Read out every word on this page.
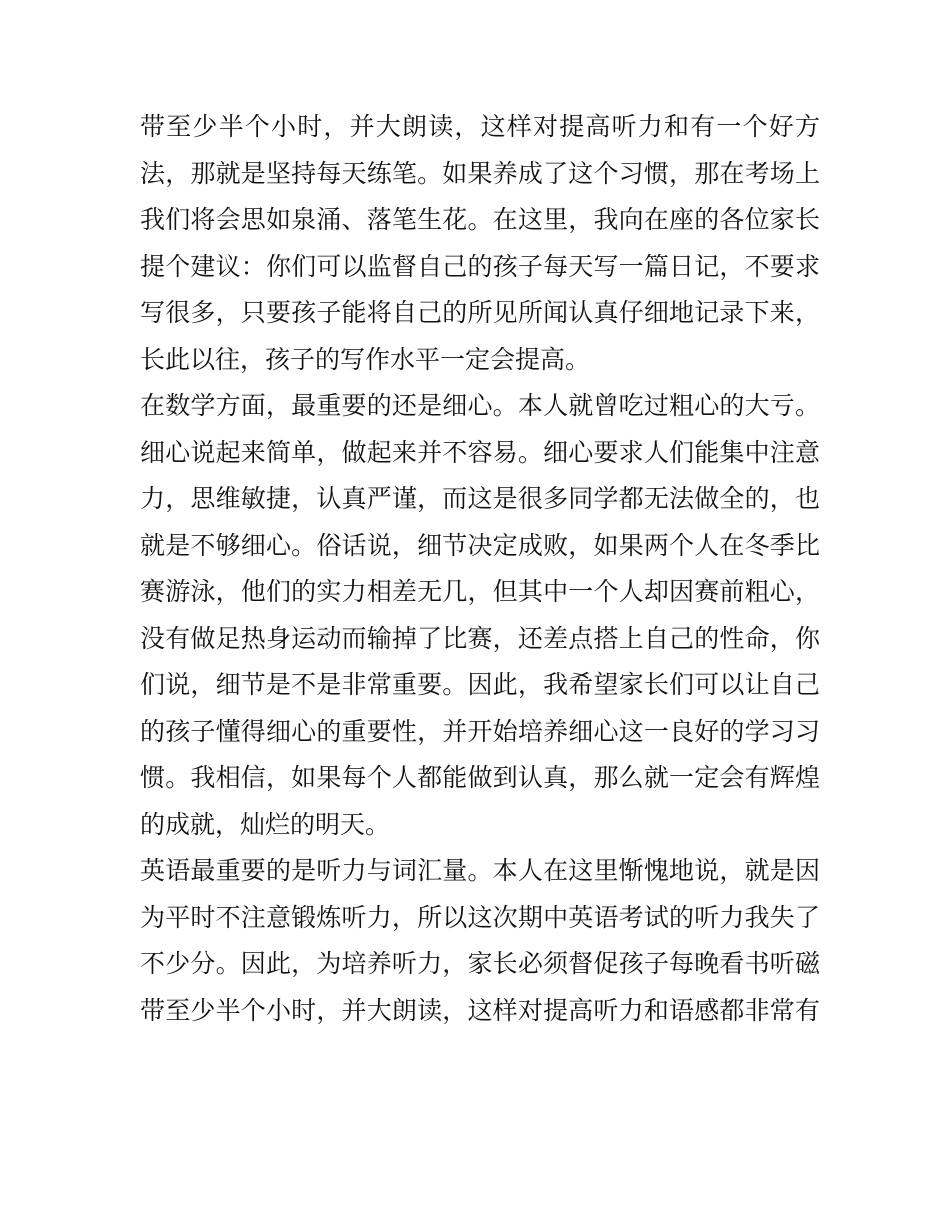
带至少半个小时，并大朗读，这样对提高听力和有一个好方
法，那就是坚持每天练笔。如果养成了这个习惯，那在考场上
我们将会思如泉涌、落笔生花。在这里，我向在座的各位家长
提个建议：你们可以监督自己的孩子每天写一篇日记，不要求
写很多，只要孩子能将自己的所见所闻认真仔细地记录下来，
长此以往，孩子的写作水平一定会提高。
在数学方面，最重要的还是细心。本人就曾吃过粗心的大亏。
细心说起来简单，做起来并不容易。细心要求人们能集中注意
力，思维敏捷，认真严谨，而这是很多同学都无法做全的，也
就是不够细心。俗话说，细节决定成败，如果两个人在冬季比
赛游泳，他们的实力相差无几，但其中一个人却因赛前粗心，
没有做足热身运动而输掉了比赛，还差点搭上自己的性命，你
们说，细节是不是非常重要。因此，我希望家长们可以让自己
的孩子懂得细心的重要性，并开始培养细心这一良好的学习习
惯。我相信，如果每个人都能做到认真，那么就一定会有辉煌
的成就，灿烂的明天。
英语最重要的是听力与词汇量。本人在这里惭愧地说，就是因
为平时不注意锻炼听力，所以这次期中英语考试的听力我失了
不少分。因此，为培养听力，家长必须督促孩子每晚看书听磁
带至少半个小时，并大朗读，这样对提高听力和语感都非常有
